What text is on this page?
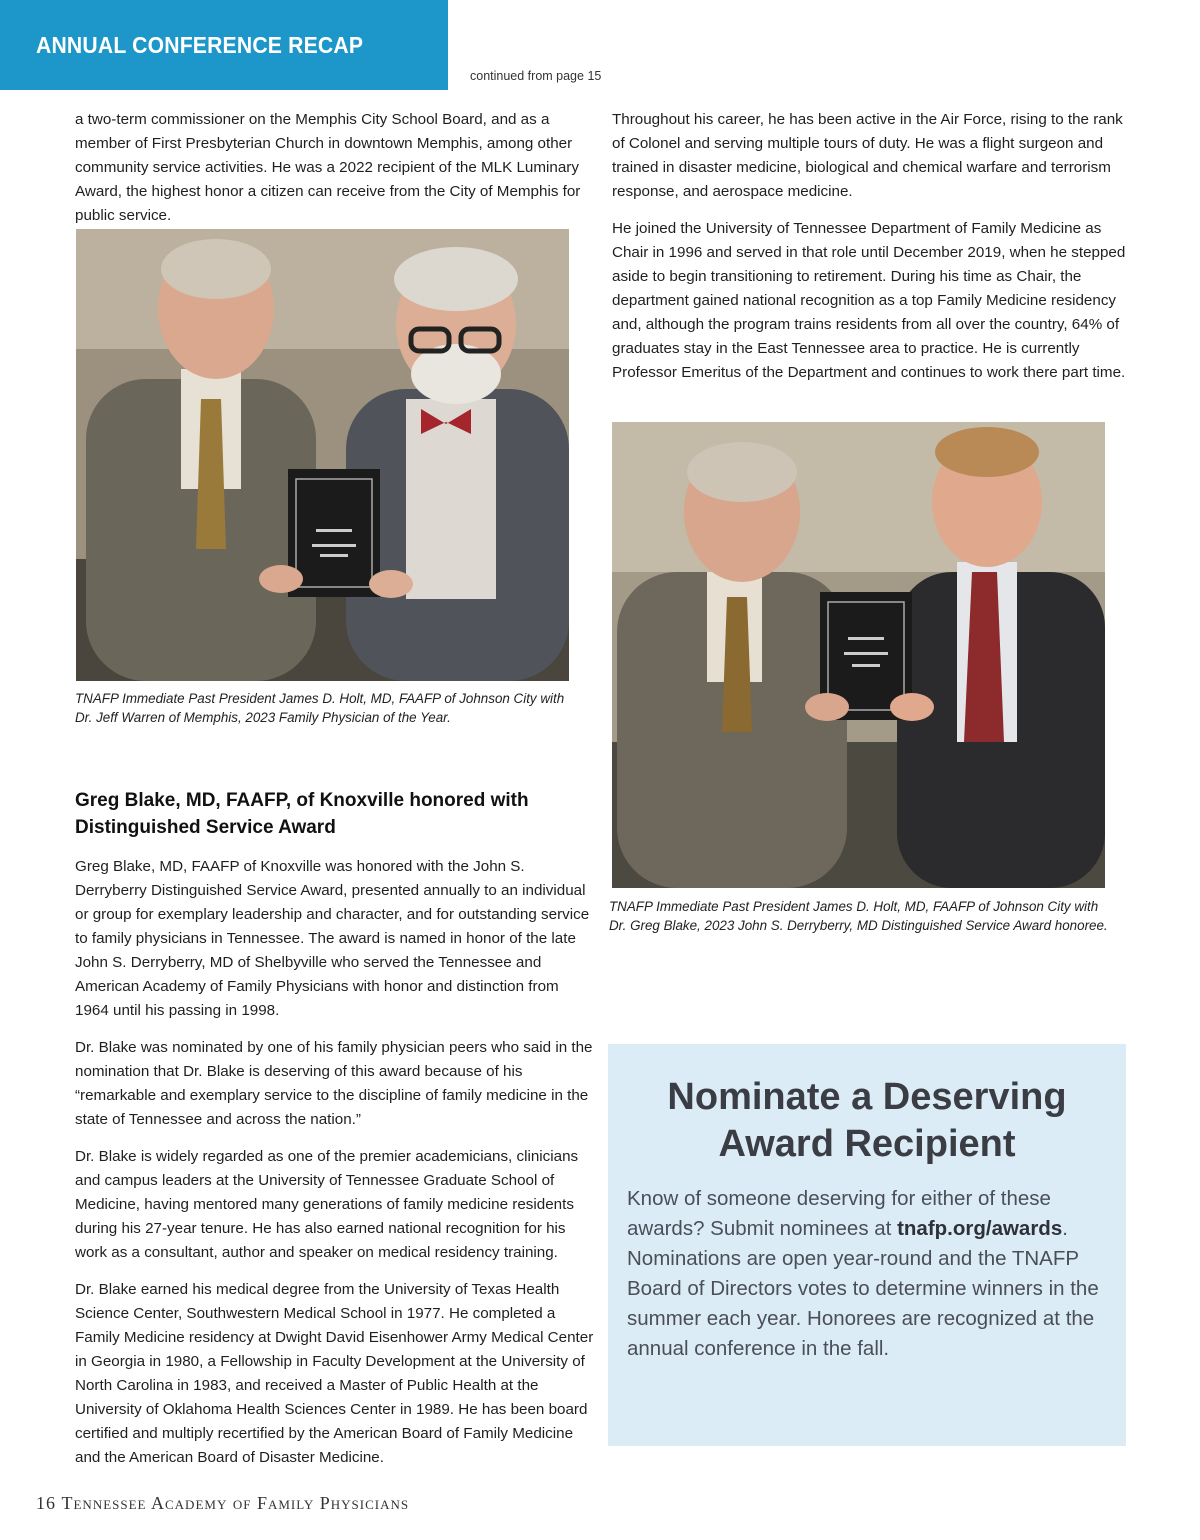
ANNUAL CONFERENCE RECAP
continued from page 15

a two-term commissioner on the Memphis City School Board, and as a member of First Presbyterian Church in downtown Memphis, among other community service activities. He was a 2022 recipient of the MLK Luminary Award, the highest honor a citizen can receive from the City of Memphis for public service.

Throughout his career, he has been active in the Air Force, rising to the rank of Colonel and serving multiple tours of duty. He was a flight surgeon and trained in disaster medicine, biological and chemical warfare and terrorism response, and aerospace medicine.

He joined the University of Tennessee Department of Family Medicine as Chair in 1996 and served in that role until December 2019, when he stepped aside to begin transitioning to retirement. During his time as Chair, the department gained national recognition as a top Family Medicine residency and, although the program trains residents from all over the country, 64% of graduates stay in the East Tennessee area to practice. He is currently Professor Emeritus of the Department and continues to work there part time.

TNAFP Immediate Past President James D. Holt, MD, FAAFP of Johnson City with Dr. Jeff Warren of Memphis, 2023 Family Physician of the Year.
TNAFP Immediate Past President James D. Holt, MD, FAAFP of Johnson City with Dr. Greg Blake, 2023 John S. Derryberry, MD Distinguished Service Award honoree.
Greg Blake, MD, FAAFP, of Knoxville honored with Distinguished Service Award

Greg Blake, MD, FAAFP of Knoxville was honored with the John S. Derryberry Distinguished Service Award, presented annually to an individual or group for exemplary leadership and character, and for outstanding service to family physicians in Tennessee. The award is named in honor of the late John S. Derryberry, MD of Shelbyville who served the Tennessee and American Academy of Family Physicians with honor and distinction from 1964 until his passing in 1998.

Dr. Blake was nominated by one of his family physician peers who said in the nomination that Dr. Blake is deserving of this award because of his “remarkable and exemplary service to the discipline of family medicine in the state of Tennessee and across the nation.”

Dr. Blake is widely regarded as one of the premier academicians, clinicians and campus leaders at the University of Tennessee Graduate School of Medicine, having mentored many generations of family medicine residents during his 27-year tenure. He has also earned national recognition for his work as a consultant, author and speaker on medical residency training.

Dr. Blake earned his medical degree from the University of Texas Health Science Center, Southwestern Medical School in 1977. He completed a Family Medicine residency at Dwight David Eisenhower Army Medical Center in Georgia in 1980, a Fellowship in Faculty Development at the University of North Carolina in 1983, and received a Master of Public Health at the University of Oklahoma Health Sciences Center in 1989. He has been board certified and multiply recertified by the American Board of Family Medicine and the American Board of Disaster Medicine.

Nominate a Deserving Award Recipient
Know of someone deserving for either of these awards? Submit nominees at tnafp.org/awards. Nominations are open year-round and the TNAFP Board of Directors votes to determine winners in the summer each year. Honorees are recognized at the annual conference in the fall.
16 Tennessee Academy of Family Physicians
